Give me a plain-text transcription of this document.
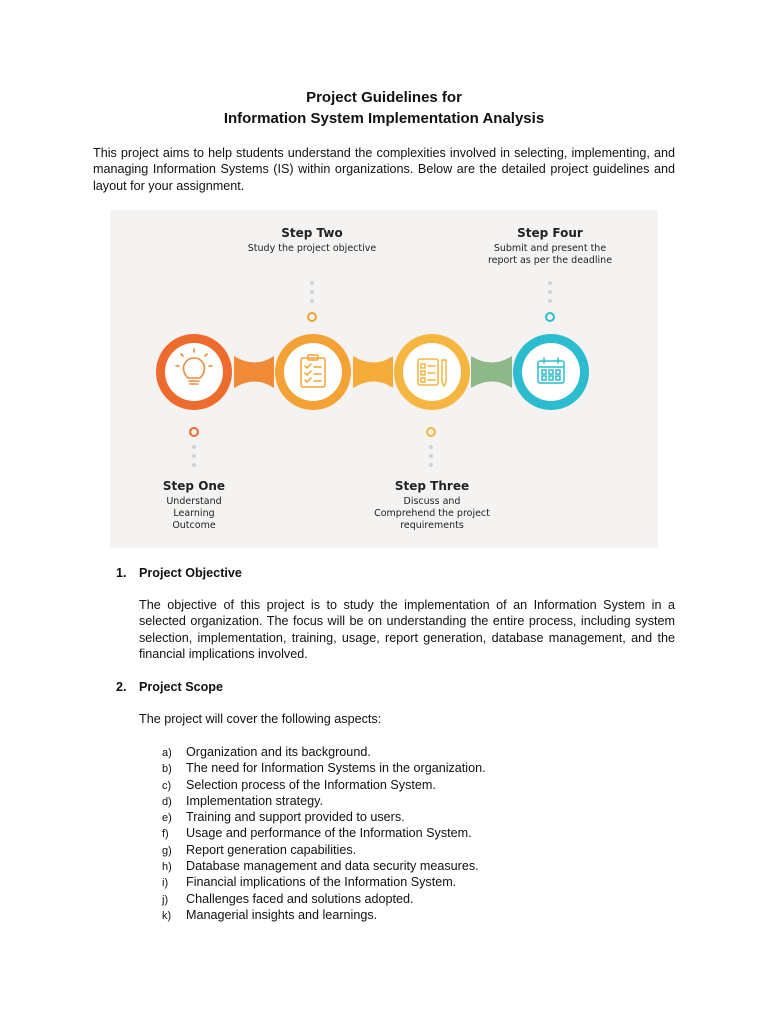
Project Guidelines for
Information System Implementation Analysis
This project aims to help students understand the complexities involved in selecting, implementing, and managing Information Systems (IS) within organizations. Below are the detailed project guidelines and layout for your assignment.
Step Two
Study the project objective
Step Four
Submit and present the
report as per the deadline
Step One
Understand
Learning
Outcome
Step Three
Discuss and
Comprehend the project
requirements
1. Project Objective
The objective of this project is to study the implementation of an Information System in a selected organization. The focus will be on understanding the entire process, including system selection, implementation, training, usage, report generation, database management, and the financial implications involved.
2. Project Scope
The project will cover the following aspects:
a) Organization and its background.
b) The need for Information Systems in the organization.
c) Selection process of the Information System.
d) Implementation strategy.
e) Training and support provided to users.
f) Usage and performance of the Information System.
g) Report generation capabilities.
h) Database management and data security measures.
i) Financial implications of the Information System.
j) Challenges faced and solutions adopted.
k) Managerial insights and learnings.
